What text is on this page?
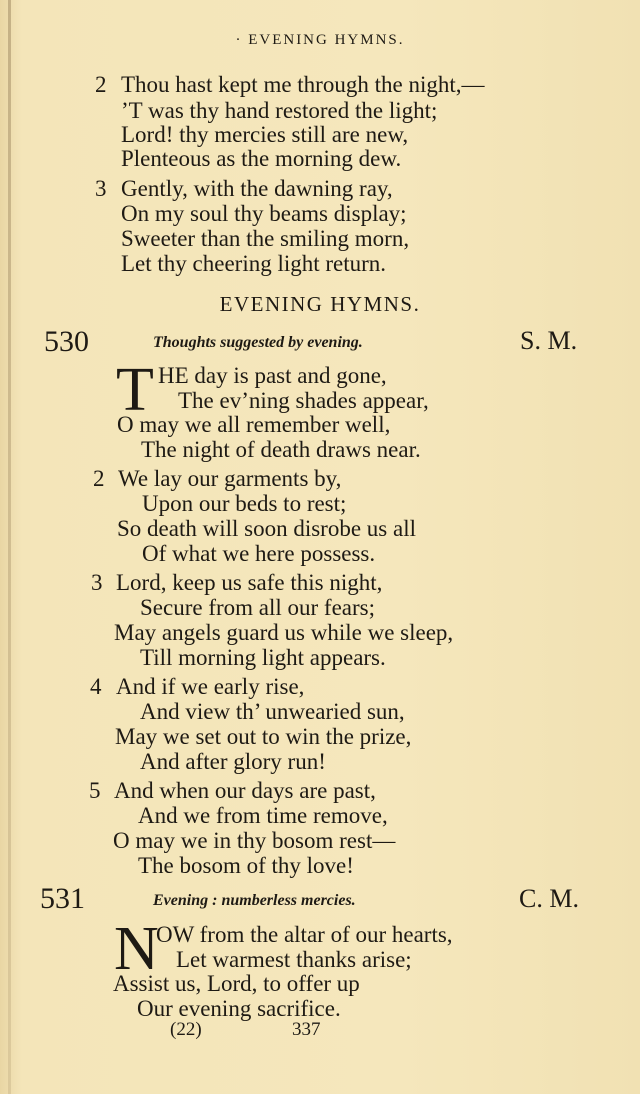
· EVENING HYMNS.
2 Thou hast kept me through the night,—
’T was thy hand restored the light;
Lord! thy mercies still are new,
Plenteous as the morning dew.
3 Gently, with the dawning ray,
On my soul thy beams display;
Sweeter than the smiling morn,
Let thy cheering light return.
EVENING HYMNS.
530	Thoughts suggested by evening.	S. M.
T HE day is past and gone,
The ev’ning shades appear,
O may we all remember well,
The night of death draws near.
2 We lay our garments by,
Upon our beds to rest;
So death will soon disrobe us all
Of what we here possess.
3 Lord, keep us safe this night,
Secure from all our fears;
May angels guard us while we sleep,
Till morning light appears.
4 And if we early rise,
And view th’ unwearied sun,
May we set out to win the prize,
And after glory run!
5 And when our days are past,
And we from time remove,
O may we in thy bosom rest—
The bosom of thy love!
531	Evening : numberless mercies.	C. M.
N
OW from the altar of our hearts,
Let warmest thanks arise;
Assist us, Lord, to offer up
Our evening sacrifice.
(22)	337
